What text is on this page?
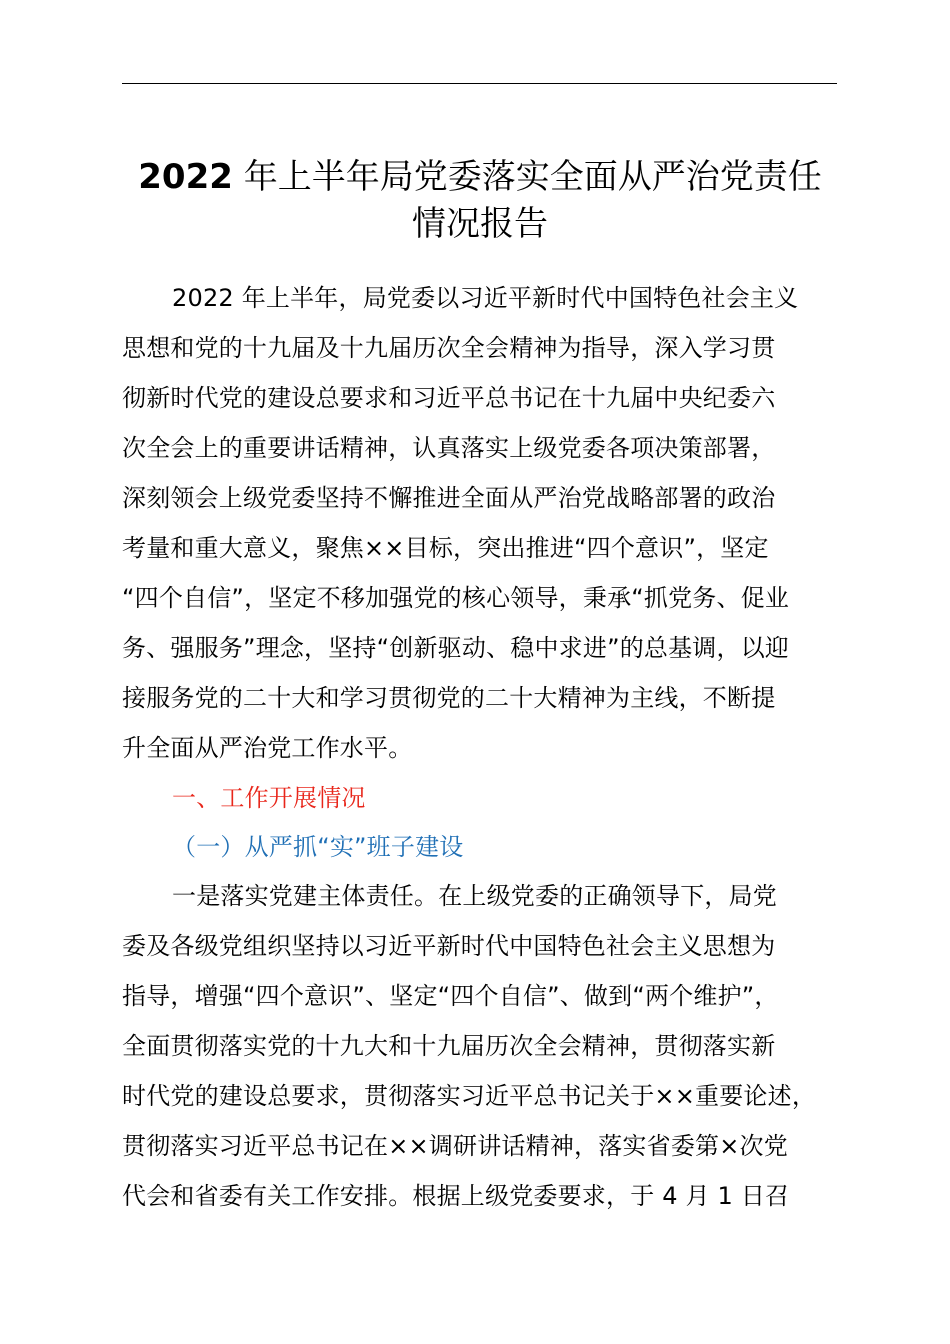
2022 年上半年局党委落实全面从严治党责任
情况报告
2022 年上半年，局党委以习近平新时代中国特色社会主义
思想和党的十九届及十九届历次全会精神为指导，深入学习贯
彻新时代党的建设总要求和习近平总书记在十九届中央纪委六
次全会上的重要讲话精神，认真落实上级党委各项决策部署，
深刻领会上级党委坚持不懈推进全面从严治党战略部署的政治
考量和重大意义，聚焦××目标，突出推进“四个意识”，坚定
“四个自信”，坚定不移加强党的核心领导，秉承“抓党务、促业
务、强服务”理念，坚持“创新驱动、稳中求进”的总基调，以迎
接服务党的二十大和学习贯彻党的二十大精神为主线，不断提
升全面从严治党工作水平。
一、工作开展情况
（一）从严抓“实”班子建设
一是落实党建主体责任。在上级党委的正确领导下，局党
委及各级党组织坚持以习近平新时代中国特色社会主义思想为
指导，增强“四个意识”、坚定“四个自信”、做到“两个维护”，
全面贯彻落实党的十九大和十九届历次全会精神，贯彻落实新
时代党的建设总要求，贯彻落实习近平总书记关于××重要论述，
贯彻落实习近平总书记在××调研讲话精神，落实省委第×次党
代会和省委有关工作安排。根据上级党委要求，于 4 月 1 日召
